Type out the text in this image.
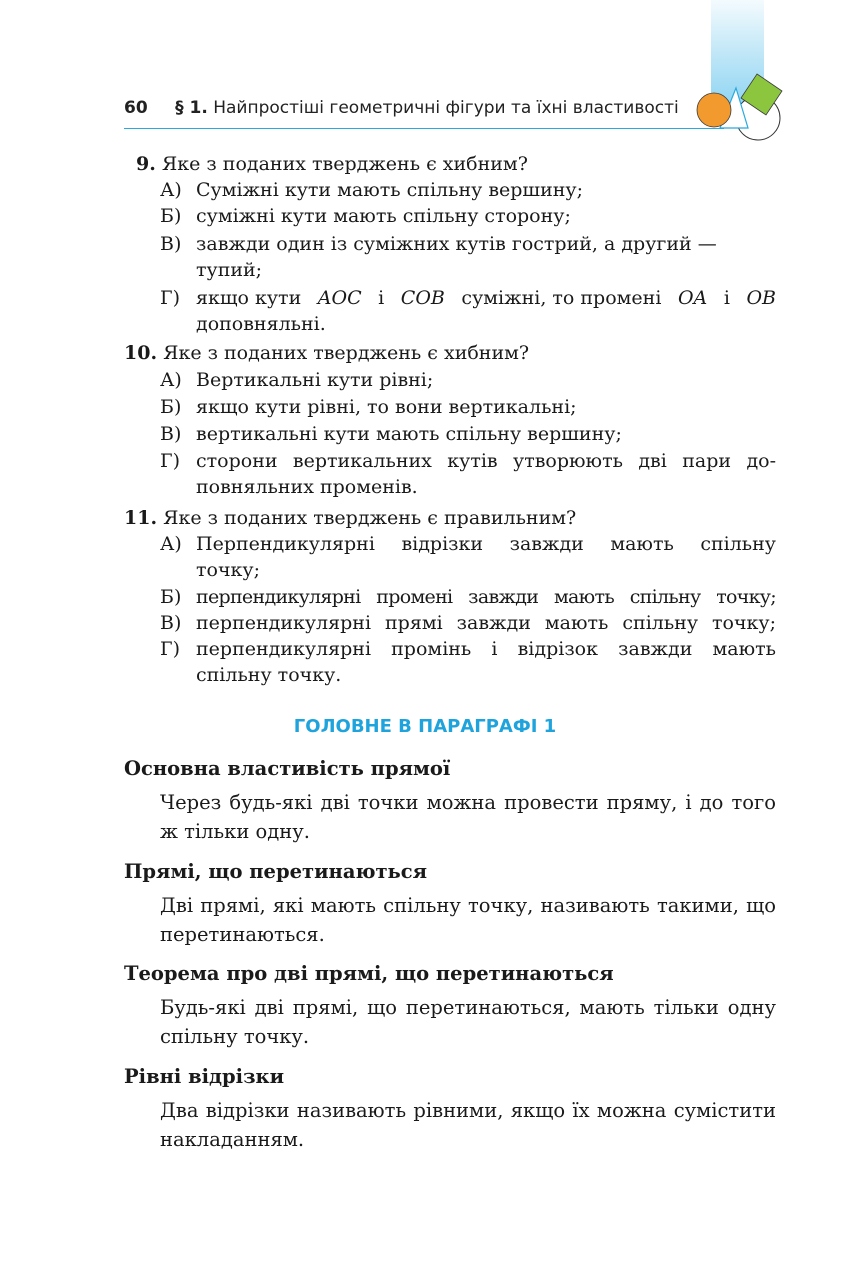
60 § 1. Найпростіші геометричні фігури та їхні властивості
9. Яке з поданих тверджень є хибним?
А) Суміжні кути мають спільну вершину;
Б) суміжні кути мають спільну сторону;
В) завжди один із суміжних кутів гострий, а другий —
тупий;
Г) якщо кути AOC і COB суміжні, то промені OA і OB
доповняльні.
10. Яке з поданих тверджень є хибним?
А) Вертикальні кути рівні;
Б) якщо кути рівні, то вони вертикальні;
В) вертикальні кути мають спільну вершину;
Г) сторони вертикальних кутів утворюють дві пари до-
повняльних променів.
11. Яке з поданих тверджень є правильним?
А) Перпендикулярні відрізки завжди мають спільну
точку;
Б) перпендикулярні промені завжди мають спільну точку;
В) перпендикулярні прямі завжди мають спільну точку;
Г) перпендикулярні промінь і відрізок завжди мають
спільну точку.
ГОЛОВНЕ В ПАРАГРАФІ 1
Основна властивість прямої
Через будь-які дві точки можна провести пряму, і до того ж тільки одну.
Прямі, що перетинаються
Дві прямі, які мають спільну точку, називають такими, що перетинаються.
Теорема про дві прямі, що перетинаються
Будь-які дві прямі, що перетинаються, мають тільки одну спільну точку.
Рівні відрізки
Два відрізки називають рівними, якщо їх можна сумістити накладанням.
